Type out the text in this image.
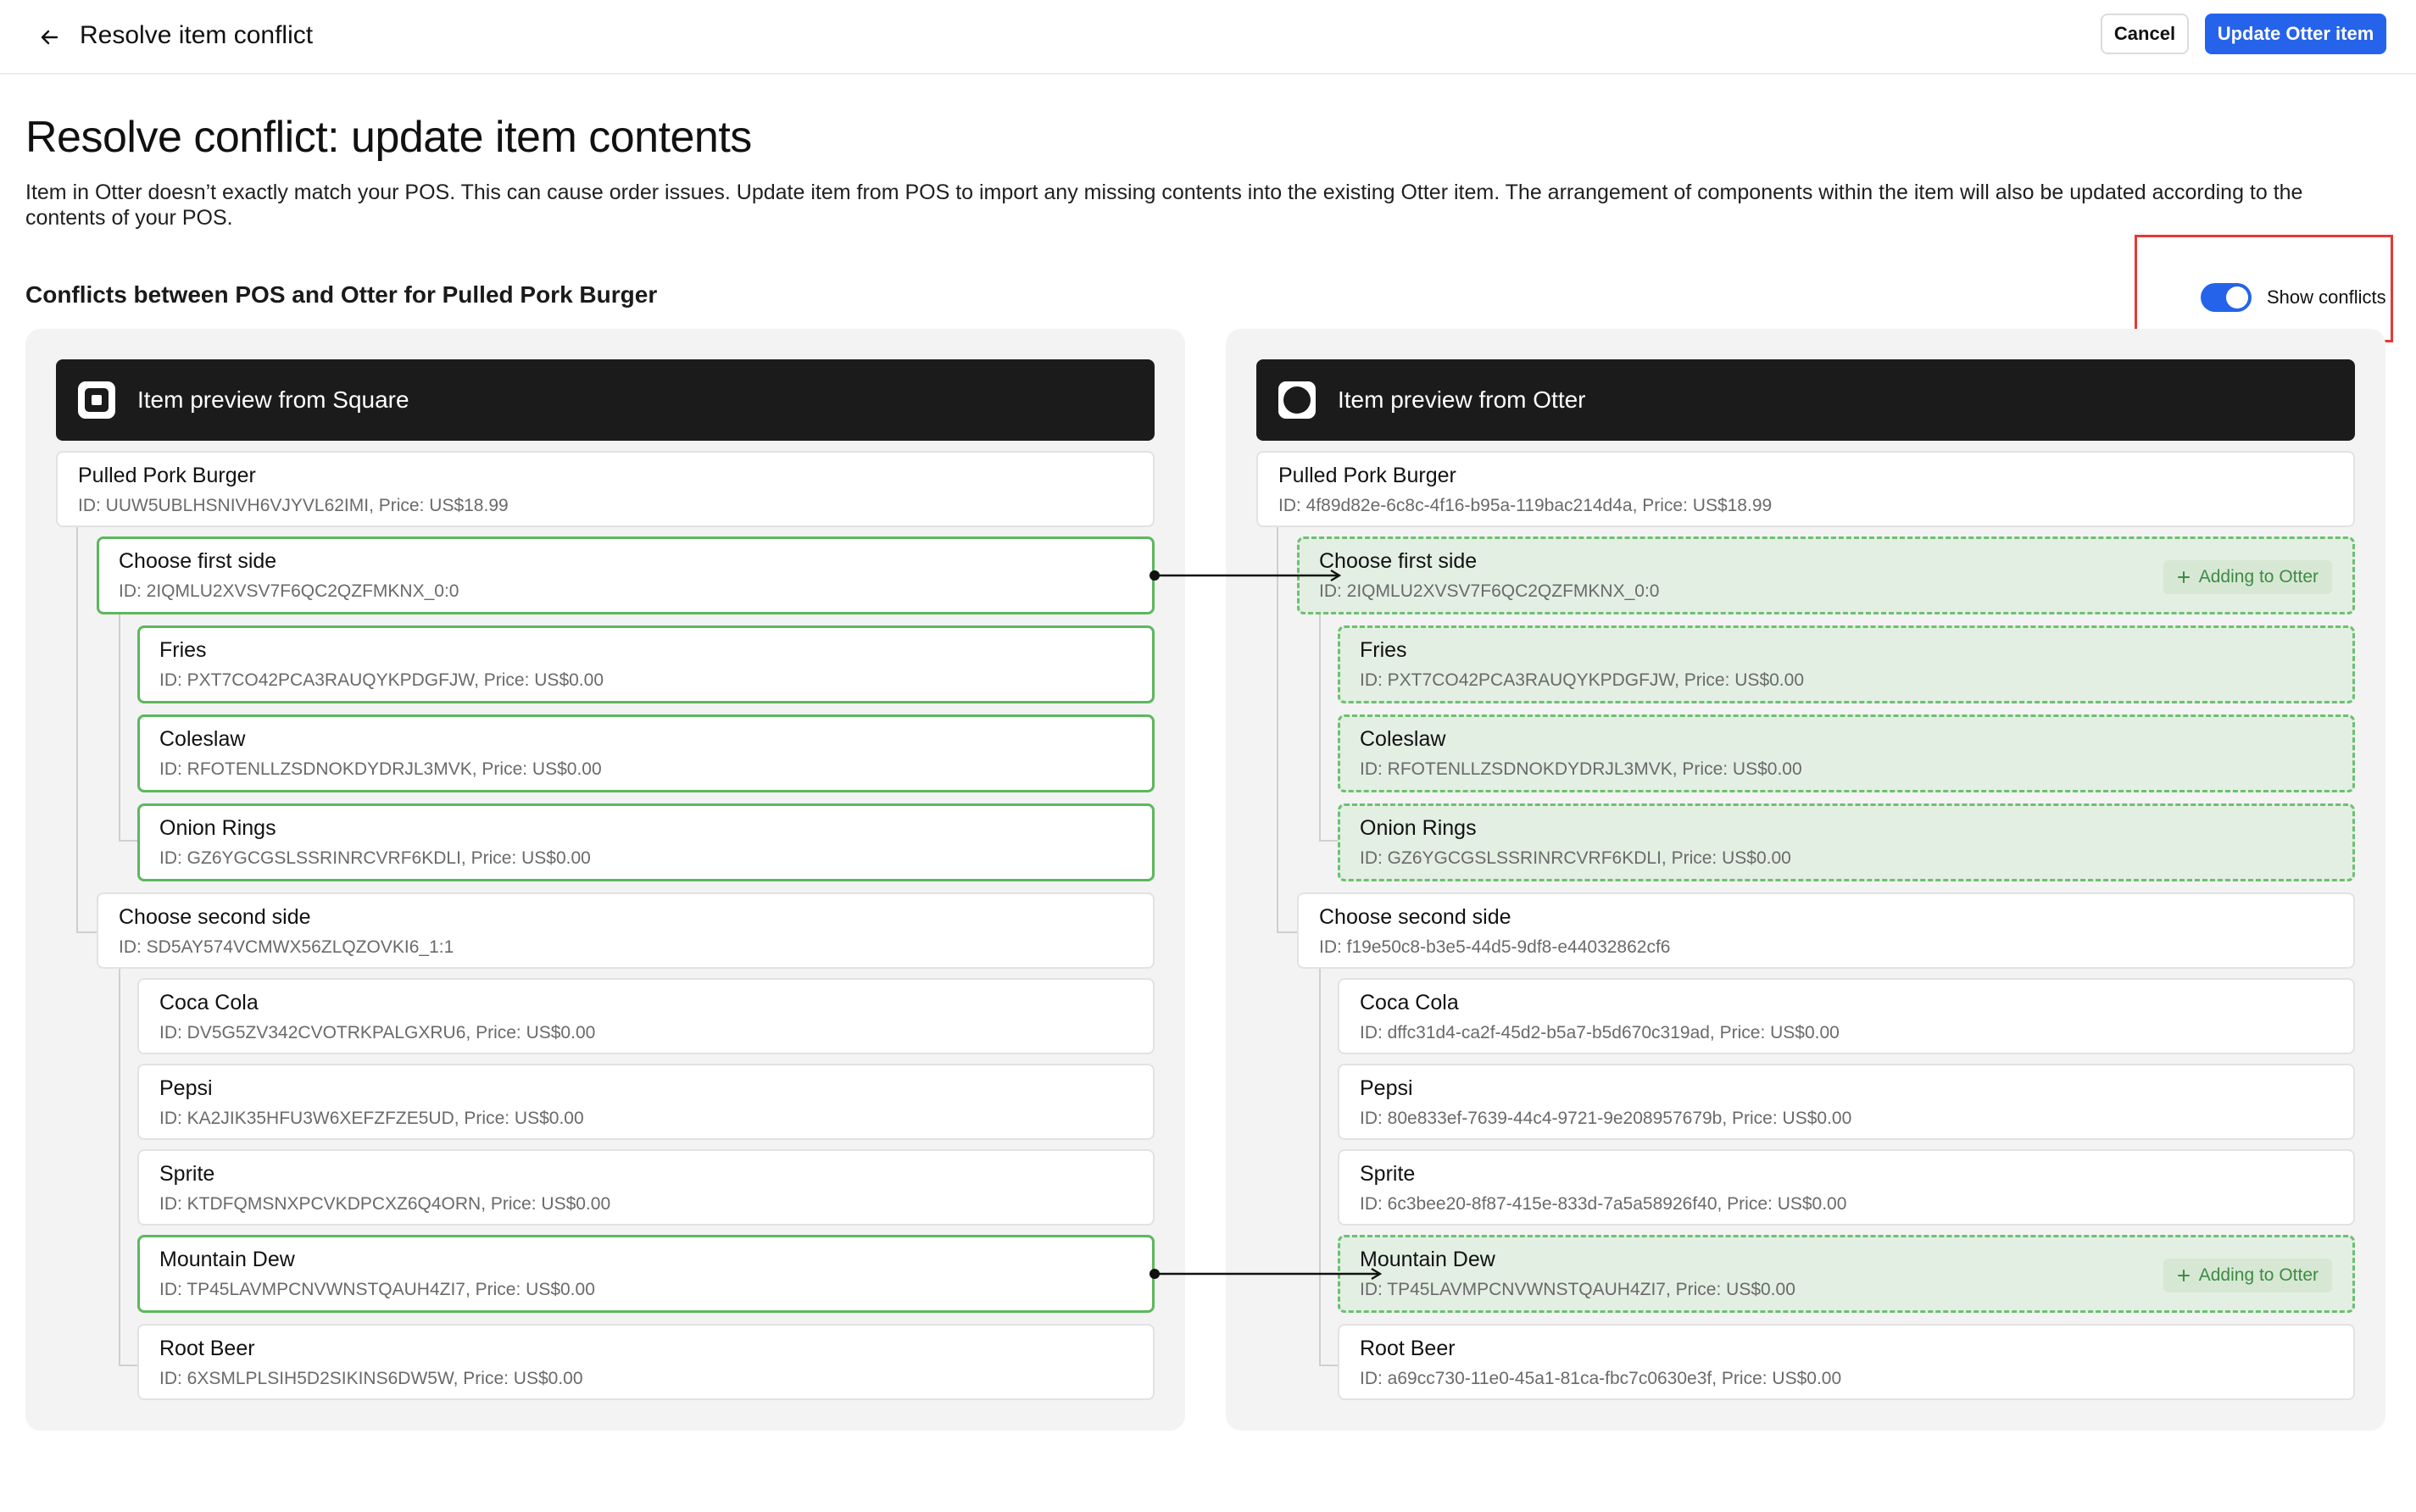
Resolve item conflict	Cancel	Update Otter item
Resolve conflict: update item contents
Item in Otter doesn’t exactly match your POS. This can cause order issues. Update item from POS to import any missing contents into the existing Otter item. The arrangement of components within the item will also be updated according to the contents of your POS.
Conflicts between POS and Otter for Pulled Pork Burger	Show conflicts
Item preview from Square
Pulled Pork Burger
ID: UUW5UBLHSNIVH6VJYVL62IMI, Price: US$18.99
Choose first side
ID: 2IQMLU2XVSV7F6QC2QZFMKNX_0:0
Fries
ID: PXT7CO42PCA3RAUQYKPDGFJW, Price: US$0.00
Coleslaw
ID: RFOTENLLZSDNOKDYDRJL3MVK, Price: US$0.00
Onion Rings
ID: GZ6YGCGSLSSRINRCVRF6KDLI, Price: US$0.00
Choose second side
ID: SD5AY574VCMWX56ZLQZOVKI6_1:1
Coca Cola
ID: DV5G5ZV342CVOTRKPALGXRU6, Price: US$0.00
Pepsi
ID: KA2JIK35HFU3W6XEFZFZE5UD, Price: US$0.00
Sprite
ID: KTDFQMSNXPCVKDPCXZ6Q4ORN, Price: US$0.00
Mountain Dew
ID: TP45LAVMPCNVWNSTQAUH4ZI7, Price: US$0.00
Root Beer
ID: 6XSMLPLSIH5D2SIKINS6DW5W, Price: US$0.00
Item preview from Otter
Pulled Pork Burger
ID: 4f89d82e-6c8c-4f16-b95a-119bac214d4a, Price: US$18.99
Choose first side
ID: 2IQMLU2XVSV7F6QC2QZFMKNX_0:0
Adding to Otter
Fries
ID: PXT7CO42PCA3RAUQYKPDGFJW, Price: US$0.00
Coleslaw
ID: RFOTENLLZSDNOKDYDRJL3MVK, Price: US$0.00
Onion Rings
ID: GZ6YGCGSLSSRINRCVRF6KDLI, Price: US$0.00
Choose second side
ID: f19e50c8-b3e5-44d5-9df8-e44032862cf6
Coca Cola
ID: dffc31d4-ca2f-45d2-b5a7-b5d670c319ad, Price: US$0.00
Pepsi
ID: 80e833ef-7639-44c4-9721-9e208957679b, Price: US$0.00
Sprite
ID: 6c3bee20-8f87-415e-833d-7a5a58926f40, Price: US$0.00
Mountain Dew
ID: TP45LAVMPCNVWNSTQAUH4ZI7, Price: US$0.00
Adding to Otter
Root Beer
ID: a69cc730-11e0-45a1-81ca-fbc7c0630e3f, Price: US$0.00
